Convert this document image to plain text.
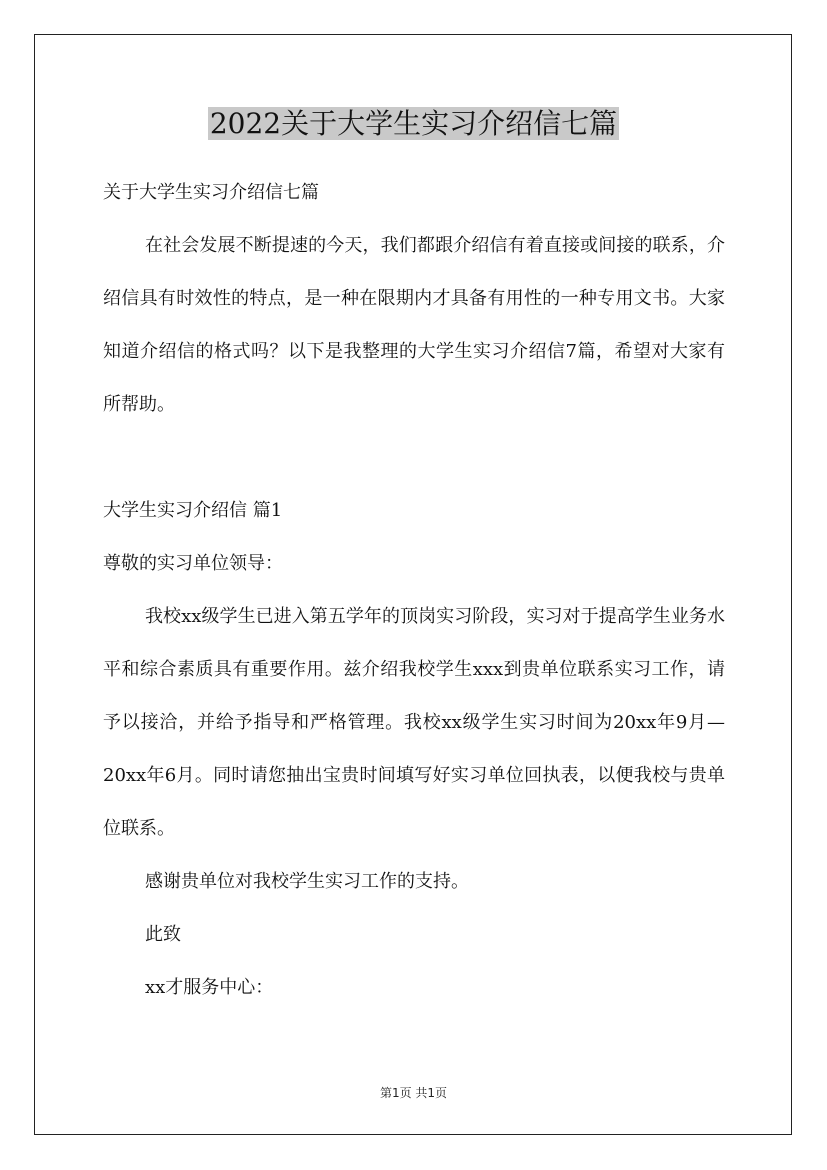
2022关于大学生实习介绍信七篇

关于大学生实习介绍信七篇

在社会发展不断提速的今天，我们都跟介绍信有着直接或间接的联系，介绍信具有时效性的特点，是一种在限期内才具备有用性的一种专用文书。大家知道介绍信的格式吗？以下是我整理的大学生实习介绍信7篇，希望对大家有所帮助。

大学生实习介绍信 篇1

尊敬的实习单位领导：

我校xx级学生已进入第五学年的顶岗实习阶段，实习对于提高学生业务水平和综合素质具有重要作用。兹介绍我校学生xxx到贵单位联系实习工作，请予以接洽，并给予指导和严格管理。我校xx级学生实习时间为20xx年9月—20xx年6月。同时请您抽出宝贵时间填写好实习单位回执表，以便我校与贵单位联系。

感谢贵单位对我校学生实习工作的支持。

此致

xx才服务中心：

第1页 共1页
